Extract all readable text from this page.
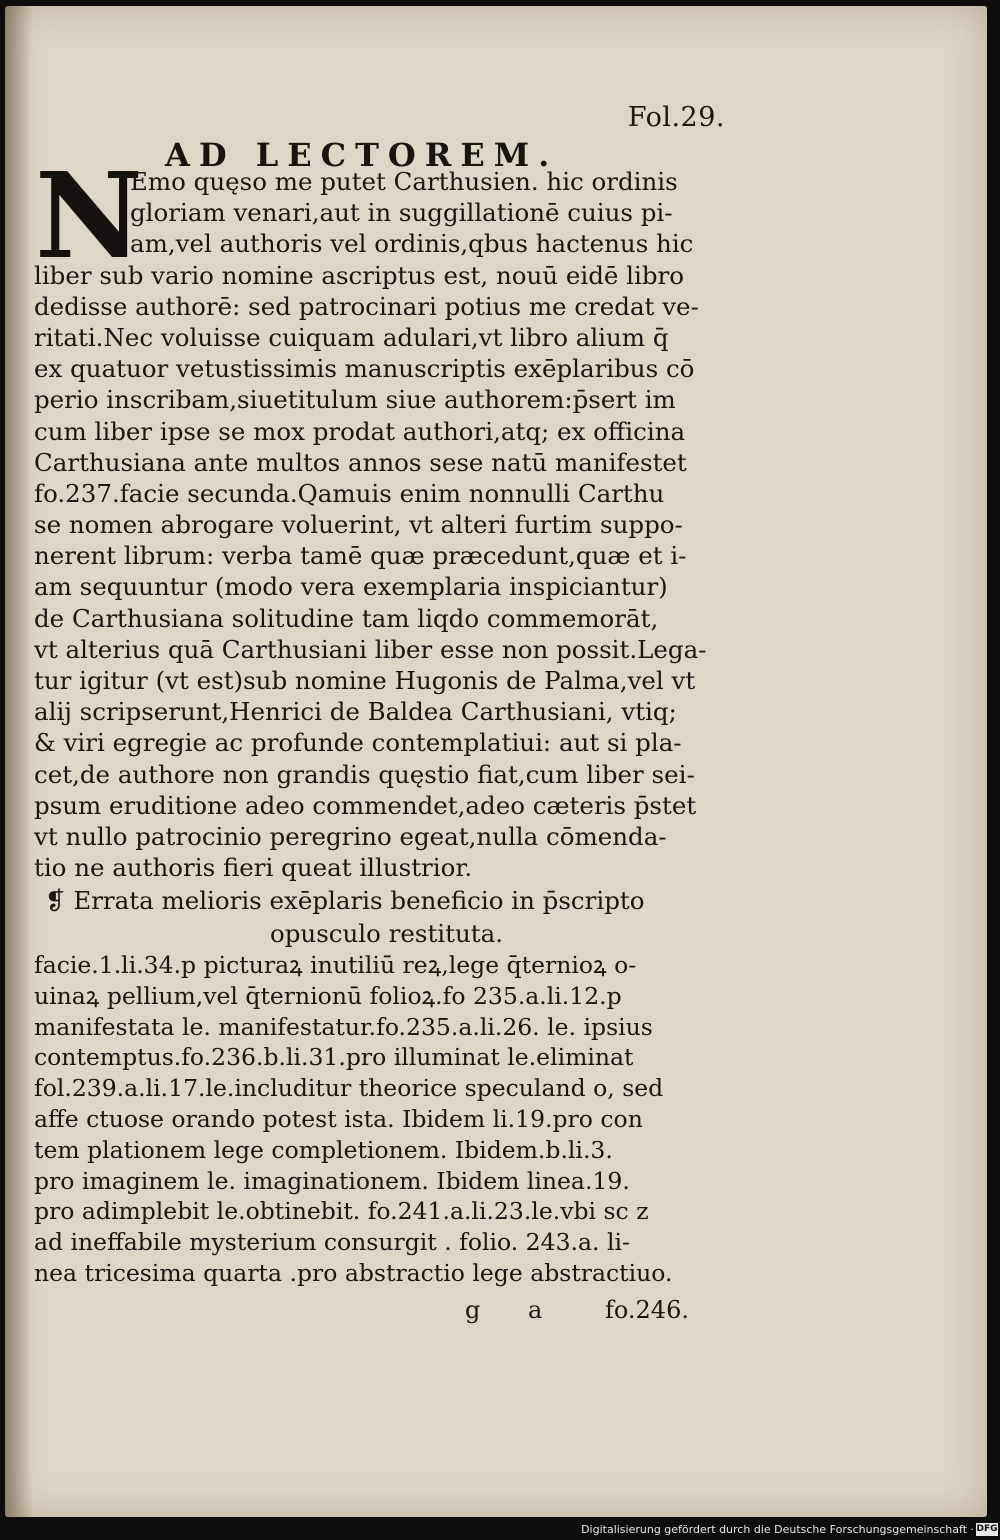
Fol.29.
AD LECTOREM.
N
Emo quęso me putet Carthusien. hic ordinis
gloriam venari,aut in suggillationē cuius pi-
am,vel authoris vel ordinis,qbus hactenus hic
liber sub vario nomine ascriptus est, nouū eidē libro
dedisse authorē: sed patrocinari potius me credat ve-
ritati.Nec voluisse cuiquam adulari,vt libro alium q̄
ex quatuor vetustissimis manuscriptis exēplaribus cō
perio inscribam,siuetitulum siue authorem:p̄sert im
cum liber ipse se mox prodat authori,atq; ex officina
Carthusiana ante multos annos sese natū manifestet
fo.237.facie secunda.Qamuis enim nonnulli Carthu
se nomen abrogare voluerint, vt alteri furtim suppo-
nerent librum: verba tamē quæ præcedunt,quæ et i-
am sequuntur (modo vera exemplaria inspiciantur)
de Carthusiana solitudine tam liqdo commemorāt,
vt alterius quā Carthusiani liber esse non possit.Lega-
tur igitur (vt est)sub nomine Hugonis de Palma,vel vt
alij scripserunt,Henrici de Baldea Carthusiani, vtiq;
& viri egregie ac profunde contemplatiui: aut si pla-
cet,de authore non grandis quęstio fiat,cum liber sei-
psum eruditione adeo commendet,adeo cæteris p̄stet
vt nullo patrocinio peregrino egeat,nulla cōmenda-
tio ne authoris fieri queat illustrior.
❡ Errata melioris exēplaris beneficio in p̄scripto
opusculo restituta.
facie.1.li.34.p picturaꝝ inutiliū reꝝ,lege q̄ternioꝝ o-
uinaꝝ pellium,vel q̄ternionū folioꝝ.fo 235.a.li.12.p
manifestata le. manifestatur.fo.235.a.li.26. le. ipsius
contemptus.fo.236.b.li.31.pro illuminat le.eliminat
fol.239.a.li.17.le.includitur theorice speculand o, sed
affe ctuose orando potest ista. Ibidem li.19.pro con
tem plationem lege completionem. Ibidem.b.li.3.
pro imaginem le. imaginationem. Ibidem linea.19.
pro adimplebit le.obtinebit. fo.241.a.li.23.le.vbi sc z
ad ineffabile mysterium consurgit . folio. 243.a. li-
nea tricesima quarta .pro abstractio lege abstractiuo.
g a	fo.246.
Digitalisierung gefördert durch die Deutsche Forschungsgemeinschaft · DFG
